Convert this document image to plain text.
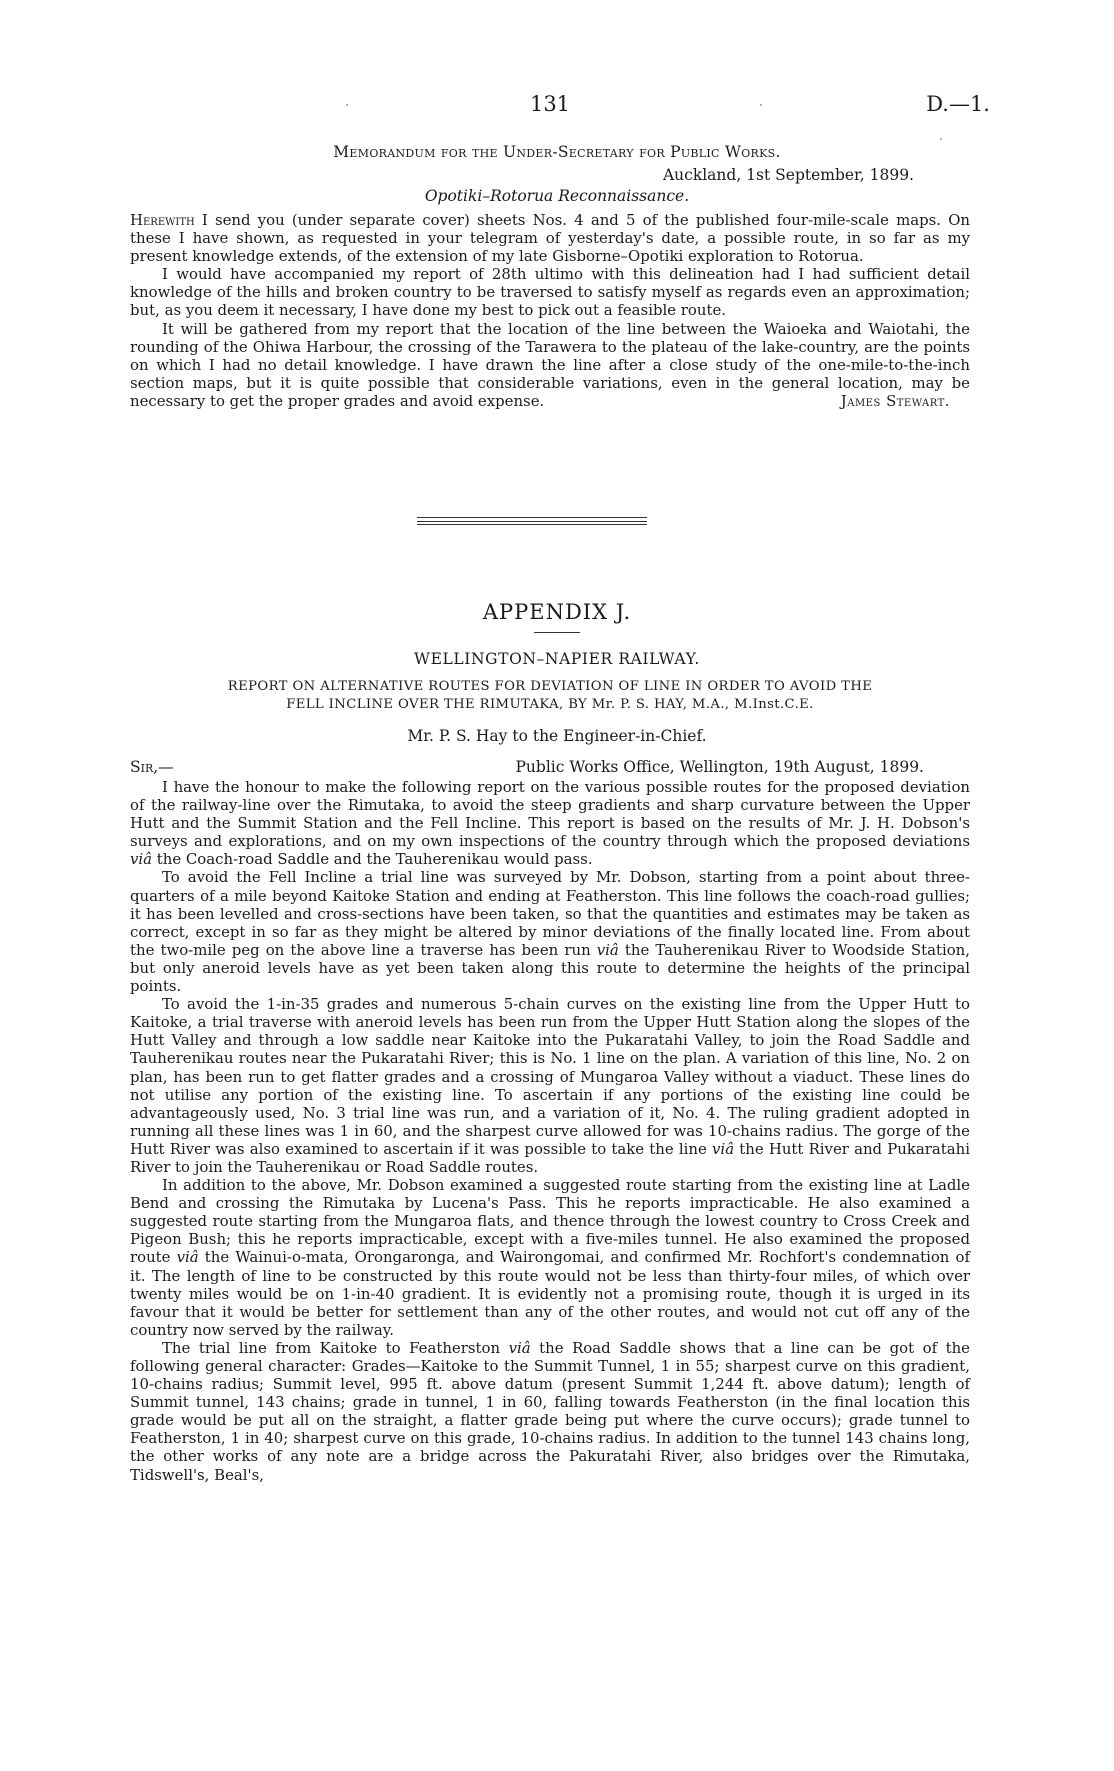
131	D.—1.
Memorandum for the Under-Secretary for Public Works.
Auckland, 1st September, 1899.
Opotiki–Rotorua Reconnaissance.

Herewith I send you (under separate cover) sheets Nos. 4 and 5 of the published four-mile-scale maps. On these I have shown, as requested in your telegram of yesterday's date, a possible route, in so far as my present knowledge extends, of the extension of my late Gisborne–Opotiki exploration to Rotorua.

I would have accompanied my report of 28th ultimo with this delineation had I had sufficient detail knowledge of the hills and broken country to be traversed to satisfy myself as regards even an approximation; but, as you deem it necessary, I have done my best to pick out a feasible route.

It will be gathered from my report that the location of the line between the Waioeka and Waiotahi, the rounding of the Ohiwa Harbour, the crossing of the Tarawera to the plateau of the lake-country, are the points on which I had no detail knowledge. I have drawn the line after a close study of the one-mile-to-the-inch section maps, but it is quite possible that considerable variations, even in the general location, may be necessary to get the proper grades and avoid expense.	James Stewart.

APPENDIX J.
WELLINGTON–NAPIER RAILWAY.
REPORT ON ALTERNATIVE ROUTES FOR DEVIATION OF LINE IN ORDER TO AVOID THE
FELL INCLINE OVER THE RIMUTAKA, BY Mr. P. S. HAY, M.A., M.Inst.C.E.
Mr. P. S. Hay to the Engineer-in-Chief.
Sir,—	Public Works Office, Wellington, 19th August, 1899.

I have the honour to make the following report on the various possible routes for the proposed deviation of the railway-line over the Rimutaka, to avoid the steep gradients and sharp curvature between the Upper Hutt and the Summit Station and the Fell Incline. This report is based on the results of Mr. J. H. Dobson's surveys and explorations, and on my own inspections of the country through which the proposed deviations viâ the Coach-road Saddle and the Tauherenikau would pass.

To avoid the Fell Incline a trial line was surveyed by Mr. Dobson, starting from a point about three-quarters of a mile beyond Kaitoke Station and ending at Featherston. This line follows the coach-road gullies; it has been levelled and cross-sections have been taken, so that the quantities and estimates may be taken as correct, except in so far as they might be altered by minor deviations of the finally located line. From about the two-mile peg on the above line a traverse has been run viâ the Tauherenikau River to Woodside Station, but only aneroid levels have as yet been taken along this route to determine the heights of the principal points.

To avoid the 1-in-35 grades and numerous 5-chain curves on the existing line from the Upper Hutt to Kaitoke, a trial traverse with aneroid levels has been run from the Upper Hutt Station along the slopes of the Hutt Valley and through a low saddle near Kaitoke into the Pukaratahi Valley, to join the Road Saddle and Tauherenikau routes near the Pukaratahi River; this is No. 1 line on the plan. A variation of this line, No. 2 on plan, has been run to get flatter grades and a crossing of Mungaroa Valley without a viaduct. These lines do not utilise any portion of the existing line. To ascertain if any portions of the existing line could be advantageously used, No. 3 trial line was run, and a variation of it, No. 4. The ruling gradient adopted in running all these lines was 1 in 60, and the sharpest curve allowed for was 10-chains radius. The gorge of the Hutt River was also examined to ascertain if it was possible to take the line viâ the Hutt River and Pukaratahi River to join the Tauherenikau or Road Saddle routes.

In addition to the above, Mr. Dobson examined a suggested route starting from the existing line at Ladle Bend and crossing the Rimutaka by Lucena's Pass. This he reports impracticable. He also examined a suggested route starting from the Mungaroa flats, and thence through the lowest country to Cross Creek and Pigeon Bush; this he reports impracticable, except with a five-miles tunnel. He also examined the proposed route viâ the Wainui-o-mata, Orongaronga, and Wairongomai, and confirmed Mr. Rochfort's condemnation of it. The length of line to be constructed by this route would not be less than thirty-four miles, of which over twenty miles would be on 1-in-40 gradient. It is evidently not a promising route, though it is urged in its favour that it would be better for settlement than any of the other routes, and would not cut off any of the country now served by the railway.

The trial line from Kaitoke to Featherston viâ the Road Saddle shows that a line can be got of the following general character: Grades—Kaitoke to the Summit Tunnel, 1 in 55; sharpest curve on this gradient, 10-chains radius; Summit level, 995 ft. above datum (present Summit 1,244 ft. above datum); length of Summit tunnel, 143 chains; grade in tunnel, 1 in 60, falling towards Featherston (in the final location this grade would be put all on the straight, a flatter grade being put where the curve occurs); grade tunnel to Featherston, 1 in 40; sharpest curve on this grade, 10-chains radius. In addition to the tunnel 143 chains long, the other works of any note are a bridge across the Pakuratahi River, also bridges over the Rimutaka, Tidswell's, Beal's,
